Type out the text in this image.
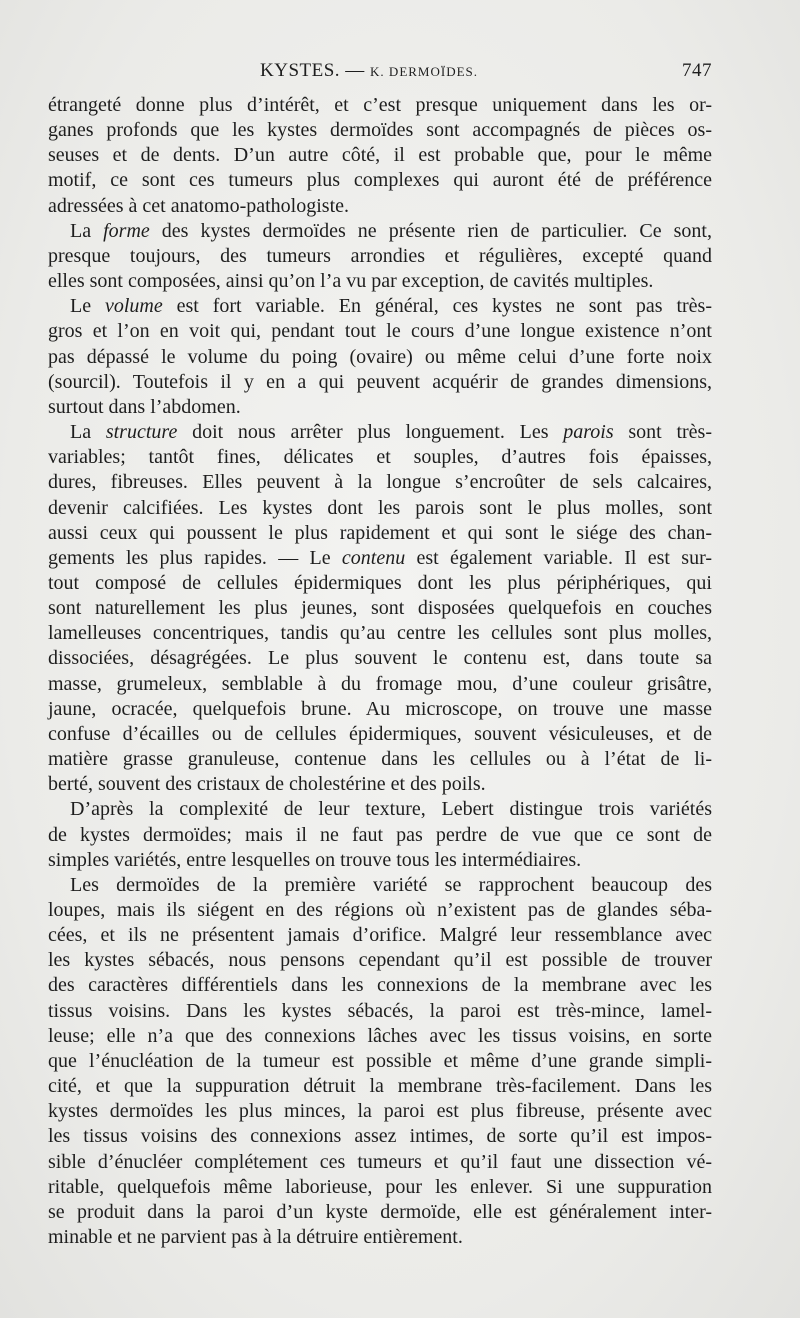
KYSTES. — K. DERMOÏDES.	747

étrangeté donne plus d’intérêt, et c’est presque uniquement dans les or-
ganes profonds que les kystes dermoïdes sont accompagnés de pièces os-
seuses et de dents. D’un autre côté, il est probable que, pour le même
motif, ce sont ces tumeurs plus complexes qui auront été de préférence
adressées à cet anatomo-pathologiste.

La forme des kystes dermoïdes ne présente rien de particulier. Ce sont,
presque toujours, des tumeurs arrondies et régulières, excepté quand
elles sont composées, ainsi qu’on l’a vu par exception, de cavités multiples.

Le volume est fort variable. En général, ces kystes ne sont pas très-
gros et l’on en voit qui, pendant tout le cours d’une longue existence n’ont
pas dépassé le volume du poing (ovaire) ou même celui d’une forte noix
(sourcil). Toutefois il y en a qui peuvent acquérir de grandes dimensions,
surtout dans l’abdomen.

La structure doit nous arrêter plus longuement. Les parois sont très-
variables; tantôt fines, délicates et souples, d’autres fois épaisses,
dures, fibreuses. Elles peuvent à la longue s’encroûter de sels calcaires,
devenir calcifiées. Les kystes dont les parois sont le plus molles, sont
aussi ceux qui poussent le plus rapidement et qui sont le siége des chan-
gements les plus rapides. — Le contenu est également variable. Il est sur-
tout composé de cellules épidermiques dont les plus périphériques, qui
sont naturellement les plus jeunes, sont disposées quelquefois en couches
lamelleuses concentriques, tandis qu’au centre les cellules sont plus molles,
dissociées, désagrégées. Le plus souvent le contenu est, dans toute sa
masse, grumeleux, semblable à du fromage mou, d’une couleur grisâtre,
jaune, ocracée, quelquefois brune. Au microscope, on trouve une masse
confuse d’écailles ou de cellules épidermiques, souvent vésiculeuses, et de
matière grasse granuleuse, contenue dans les cellules ou à l’état de li-
berté, souvent des cristaux de cholestérine et des poils.

D’après la complexité de leur texture, Lebert distingue trois variétés
de kystes dermoïdes; mais il ne faut pas perdre de vue que ce sont de
simples variétés, entre lesquelles on trouve tous les intermédiaires.

Les dermoïdes de la première variété se rapprochent beaucoup des
loupes, mais ils siégent en des régions où n’existent pas de glandes séba-
cées, et ils ne présentent jamais d’orifice. Malgré leur ressemblance avec
les kystes sébacés, nous pensons cependant qu’il est possible de trouver
des caractères différentiels dans les connexions de la membrane avec les
tissus voisins. Dans les kystes sébacés, la paroi est très-mince, lamel-
leuse; elle n’a que des connexions lâches avec les tissus voisins, en sorte
que l’énucléation de la tumeur est possible et même d’une grande simpli-
cité, et que la suppuration détruit la membrane très-facilement. Dans les
kystes dermoïdes les plus minces, la paroi est plus fibreuse, présente avec
les tissus voisins des connexions assez intimes, de sorte qu’il est impos-
sible d’énucléer complétement ces tumeurs et qu’il faut une dissection vé-
ritable, quelquefois même laborieuse, pour les enlever. Si une suppuration
se produit dans la paroi d’un kyste dermoïde, elle est généralement inter-
minable et ne parvient pas à la détruire entièrement.
